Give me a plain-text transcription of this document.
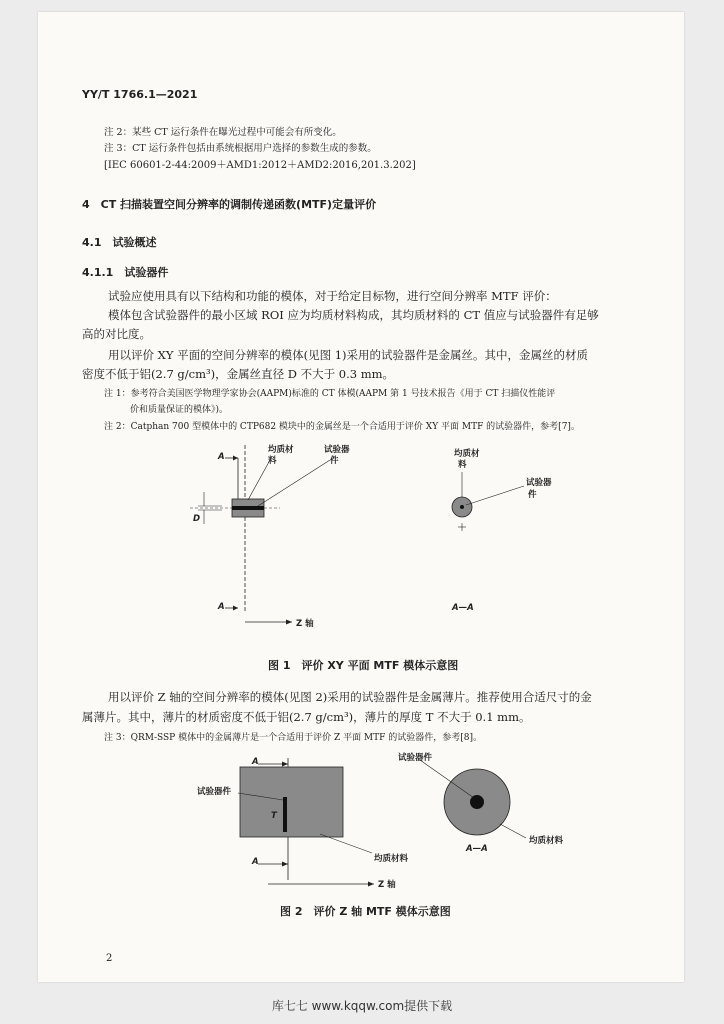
YY/T 1766.1—2021
注 2：某些 CT 运行条件在曝光过程中可能会有所变化。
注 3：CT 运行条件包括由系统根据用户选择的参数生成的参数。
[IEC 60601-2-44:2009＋AMD1:2012＋AMD2:2016,201.3.202]
4　CT 扫描装置空间分辨率的调制传递函数(MTF)定量评价
4.1　试验概述
4.1.1　试验器件
试验应使用具有以下结构和功能的模体，对于给定目标物，进行空间分辨率 MTF 评价：
模体包含试验器件的最小区域 ROI 应为均质材料构成，其均质材料的 CT 值应与试验器件有足够
高的对比度。
用以评价 XY 平面的空间分辨率的模体(见图 1)采用的试验器件是金属丝。其中，金属丝的材质
密度不低于铝(2.7 g/cm³)，金属丝直径 D 不大于 0.3 mm。
注 1：参考符合美国医学物理学家协会(AAPM)标准的 CT 体模(AAPM 第 1 号技术报告《用于 CT 扫描仪性能评
价和质量保证的模体》)。
注 2：Catphan 700 型模体中的 CTP682 模块中的金属丝是一个合适用于评价 XY 平面 MTF 的试验器件，参考[7]。
均质材
料
试验器
件
A
A
D
Z 轴
均质材
料
试验器
件
A—A
图 1　评价 XY 平面 MTF 模体示意图
用以评价 Z 轴的空间分辨率的模体(见图 2)采用的试验器件是金属薄片。推荐使用合适尺寸的金
属薄片。其中，薄片的材质密度不低于铝(2.7 g/cm³)，薄片的厚度 T 不大于 0.1 mm。
注 3：QRM-SSP 模体中的金属薄片是一个合适用于评价 Z 平面 MTF 的试验器件，参考[8]。
A
A
试验器件
T
均质材料
Z 轴
试验器件
均质材料
A—A
图 2　评价 Z 轴 MTF 模体示意图
2
库七七 www.kqqw.com提供下载
